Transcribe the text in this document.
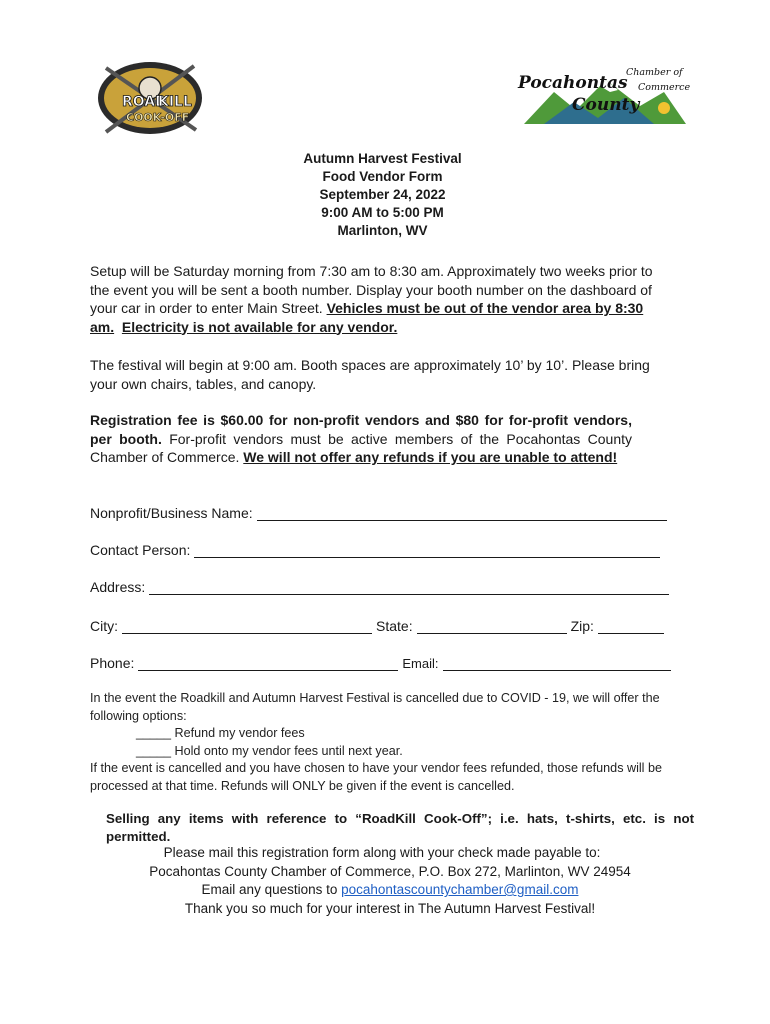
ROAD
KILL
COOK-OFF
Pocahontas
County
Chamber of
Commerce
Autumn Harvest Festival
Food Vendor Form
September 24, 2022
9:00 AM to 5:00 PM
Marlinton, WV
Setup will be Saturday morning from 7:30 am to 8:30 am. Approximately two weeks prior to the event you will be sent a booth number. Display your booth number on the dashboard of your car in order to enter Main Street. Vehicles must be out of the vendor area by 8:30 am. Electricity is not available for any vendor.
The festival will begin at 9:00 am. Booth spaces are approximately 10’ by 10’. Please bring your own chairs, tables, and canopy.
Registration fee is $60.00 for non-profit vendors and $80 for for-profit vendors, per booth. For-profit vendors must be active members of the Pocahontas County Chamber of Commerce. We will not offer any refunds if you are unable to attend!
Nonprofit/Business Name:
Contact Person:
Address:
City:	State:	Zip:
Phone:	Email:
In the event the Roadkill and Autumn Harvest Festival is cancelled due to COVID - 19, we will offer the following options:
_____ Refund my vendor fees
_____ Hold onto my vendor fees until next year.
If the event is cancelled and you have chosen to have your vendor fees refunded, those refunds will be processed at that time. Refunds will ONLY be given if the event is cancelled.
Selling any items with reference to “RoadKill Cook-Off”; i.e. hats, t-shirts, etc. is not permitted.
Please mail this registration form along with your check made payable to:
Pocahontas County Chamber of Commerce, P.O. Box 272, Marlinton, WV 24954
Email any questions to pocahontascountychamber@gmail.com
Thank you so much for your interest in The Autumn Harvest Festival!
